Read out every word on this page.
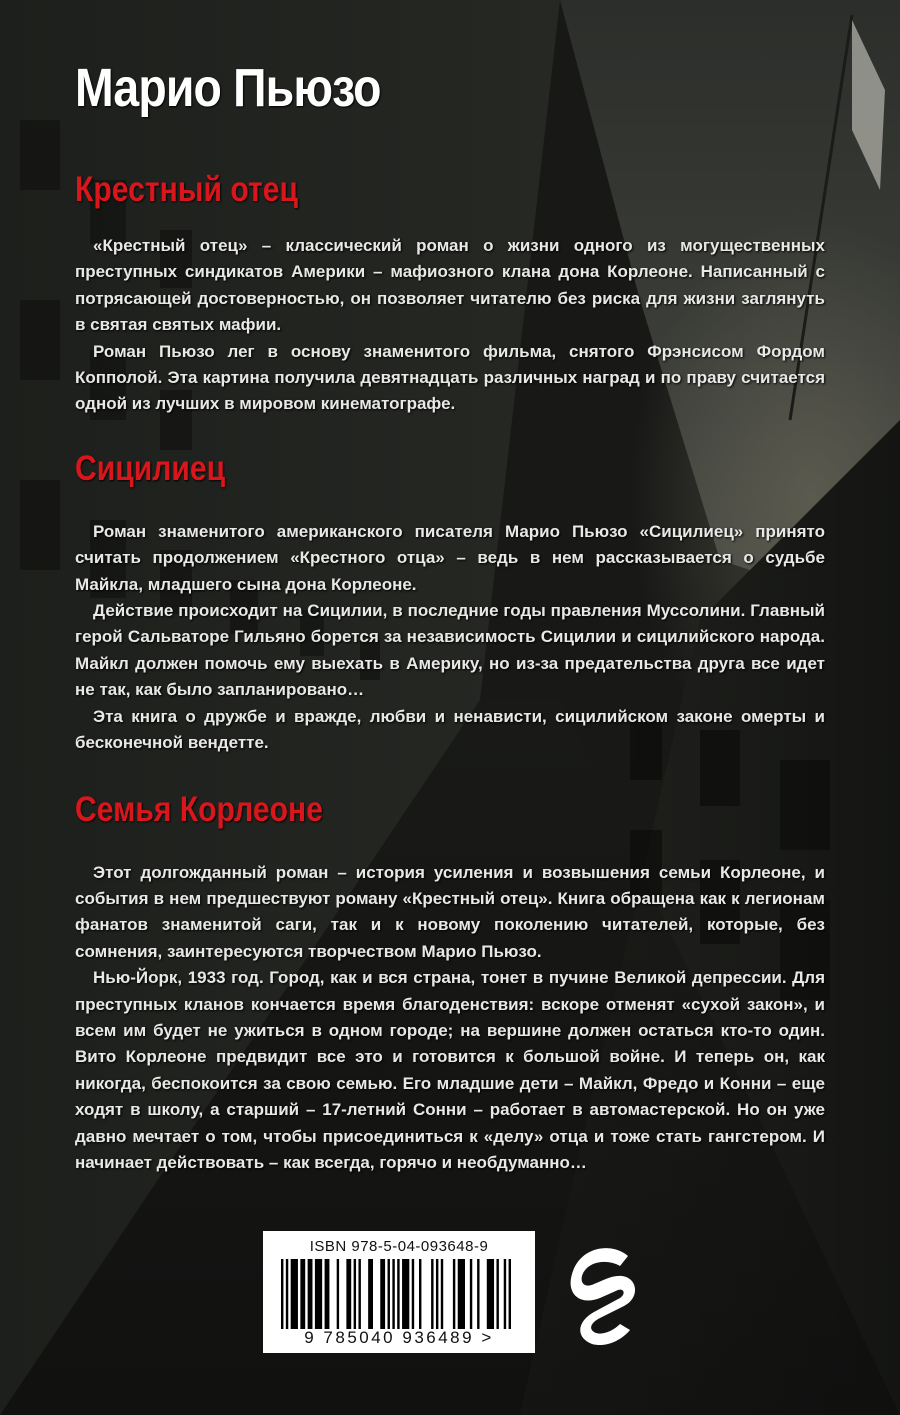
Марио Пьюзо
Крестный отец

«Крестный отец» – классический роман о жизни одного из могущественных преступных синдикатов Америки – мафиозного клана дона Корлеоне. Написанный с потрясающей достоверностью, он позволяет читателю без риска для жизни заглянуть в святая святых мафии.

Роман Пьюзо лег в основу знаменитого фильма, снятого Фрэнсисом Фордом Копполой. Эта картина получила девятнадцать различных наград и по праву считается одной из лучших в мировом кинематографе.

Сицилиец

Роман знаменитого американского писателя Марио Пьюзо «Сицилиец» принято считать продолжением «Крестного отца» – ведь в нем рассказывается о судьбе Майкла, младшего сына дона Корлеоне.

Действие происходит на Сицилии, в последние годы правления Муссолини. Главный герой Сальваторе Гильяно борется за независимость Сицилии и сицилийского народа. Майкл должен помочь ему выехать в Америку, но из-за предательства друга все идет не так, как было запланировано…

Эта книга о дружбе и вражде, любви и ненависти, сицилийском законе омерты и бесконечной вендетте.

Семья Корлеоне

Этот долгожданный роман – история усиления и возвышения семьи Корлеоне, и события в нем предшествуют роману «Крестный отец». Книга обращена как к легионам фанатов знаменитой саги, так и к новому поколению читателей, которые, без сомнения, заинтересуются творчеством Марио Пьюзо.

Нью-Йорк, 1933 год. Город, как и вся страна, тонет в пучине Великой депрессии. Для преступных кланов кончается время благоденствия: вскоре отменят «сухой закон», и всем им будет не ужиться в одном городе; на вершине должен остаться кто-то один. Вито Корлеоне предвидит все это и готовится к большой войне. И теперь он, как никогда, беспокоится за свою семью. Его младшие дети – Майкл, Фредо и Конни – еще ходят в школу, а старший – 17-летний Сонни – работает в автомастерской. Но он уже давно мечтает о том, чтобы присоединиться к «делу» отца и тоже стать гангстером. И начинает действовать – как всегда, горячо и необдуманно…

ISBN 978-5-04-093648-9
9 785040 936489 >
